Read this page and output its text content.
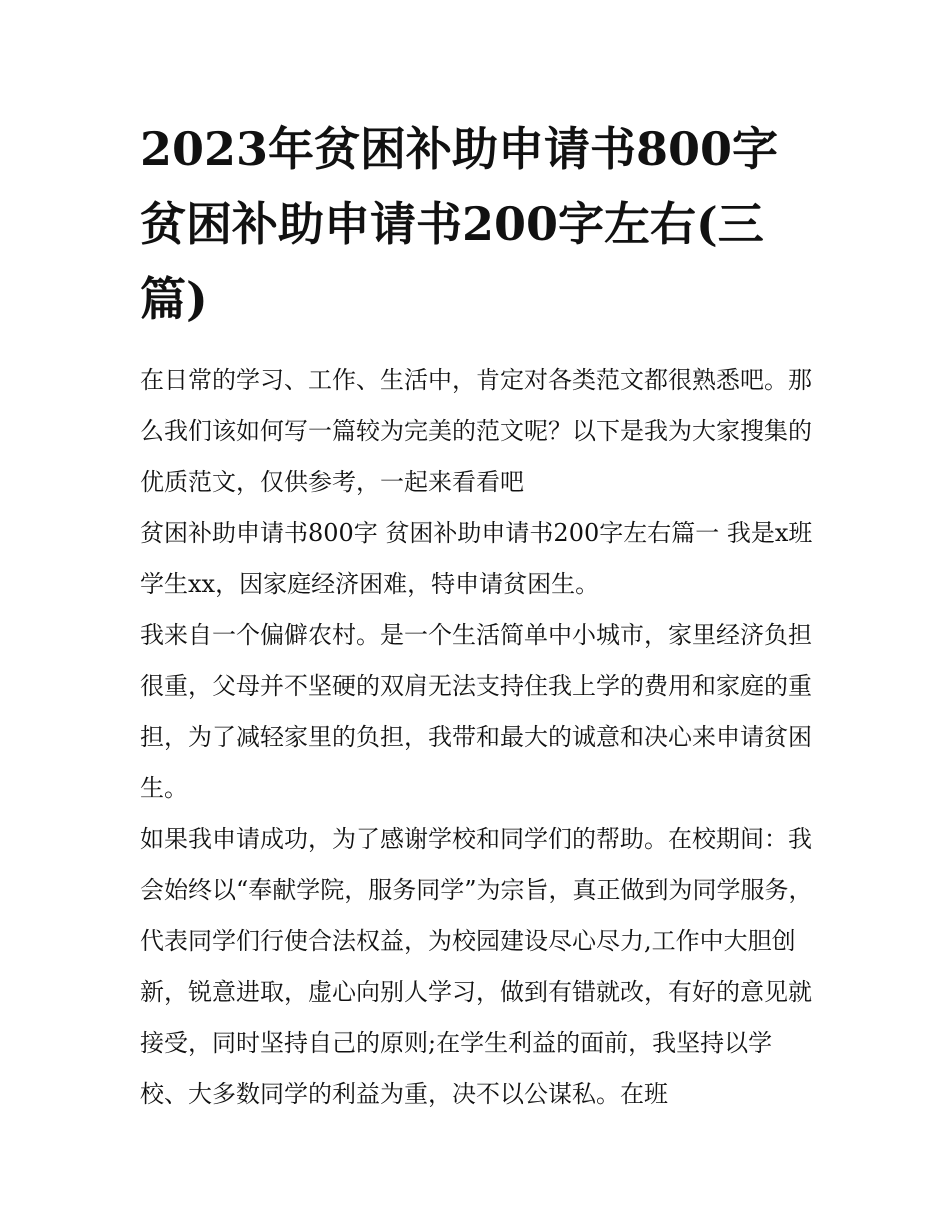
2023年贫困补助申请书800字 贫困补助申请书200字左右(三篇)

在日常的学习、工作、生活中，肯定对各类范文都很熟悉吧。那么我们该如何写一篇较为完美的范文呢？以下是我为大家搜集的优质范文，仅供参考，一起来看看吧

贫困补助申请书800字 贫困补助申请书200字左右篇一 我是x班学生xx，因家庭经济困难，特申请贫困生。

我来自一个偏僻农村。是一个生活简单中小城市，家里经济负担很重，父母并不坚硬的双肩无法支持住我上学的费用和家庭的重担，为了减轻家里的负担，我带和最大的诚意和决心来申请贫困生。

如果我申请成功，为了感谢学校和同学们的帮助。在校期间：我会始终以“奉献学院，服务同学”为宗旨，真正做到为同学服务，代表同学们行使合法权益，为校园建设尽心尽力,工作中大胆创新，锐意进取，虚心向别人学习，做到有错就改，有好的意见就接受，同时坚持自己的原则;在学生利益的面前，我坚持以学校、大多数同学的利益为重，决不以公谋私。在班
